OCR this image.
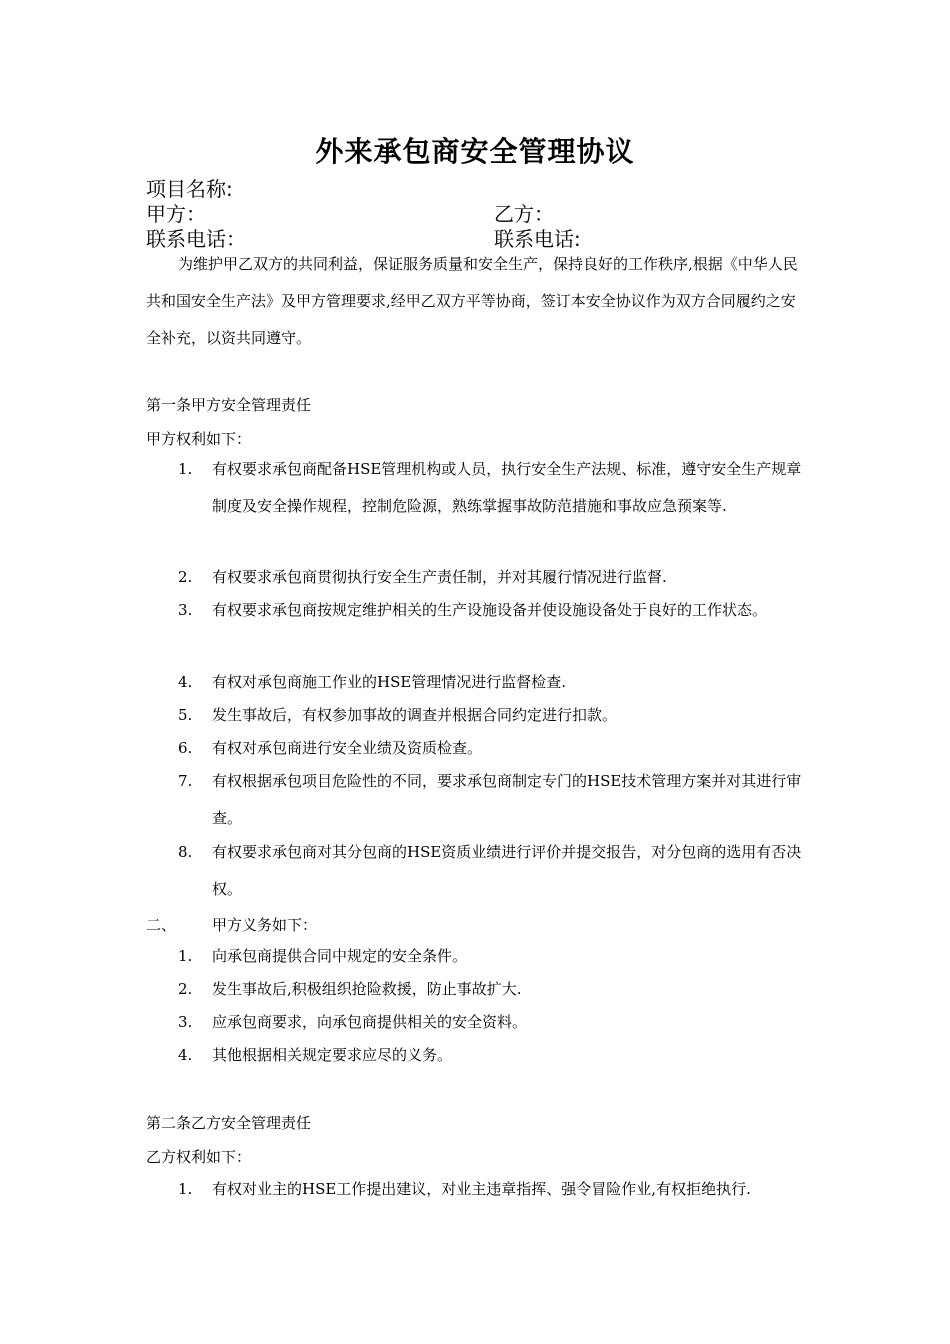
外来承包商安全管理协议
项目名称:
甲方：	乙方：
联系电话：	联系电话:

为维护甲乙双方的共同利益，保证服务质量和安全生产，保持良好的工作秩序,根据《中华人民共和国安全生产法》及甲方管理要求,经甲乙双方平等协商，签订本安全协议作为双方合同履约之安全补充，以资共同遵守。

第一条甲方安全管理责任
甲方权利如下：
1. 有权要求承包商配备HSE管理机构或人员，执行安全生产法规、标准，遵守安全生产规章制度及安全操作规程，控制危险源，熟练掌握事故防范措施和事故应急预案等.
2. 有权要求承包商贯彻执行安全生产责任制，并对其履行情况进行监督.
3. 有权要求承包商按规定维护相关的生产设施设备并使设施设备处于良好的工作状态。
4. 有权对承包商施工作业的HSE管理情况进行监督检查.
5. 发生事故后，有权参加事故的调查并根据合同约定进行扣款。
6. 有权对承包商进行安全业绩及资质检查。
7. 有权根据承包项目危险性的不同，要求承包商制定专门的HSE技术管理方案并对其进行审查。
8. 有权要求承包商对其分包商的HSE资质业绩进行评价并提交报告，对分包商的选用有否决权。
二、 甲方义务如下：
1. 向承包商提供合同中规定的安全条件。
2. 发生事故后,积极组织抢险救援，防止事故扩大.
3. 应承包商要求，向承包商提供相关的安全资料。
4. 其他根据相关规定要求应尽的义务。
第二条乙方安全管理责任
乙方权利如下：
1. 有权对业主的HSE工作提出建议，对业主违章指挥、强令冒险作业,有权拒绝执行.
